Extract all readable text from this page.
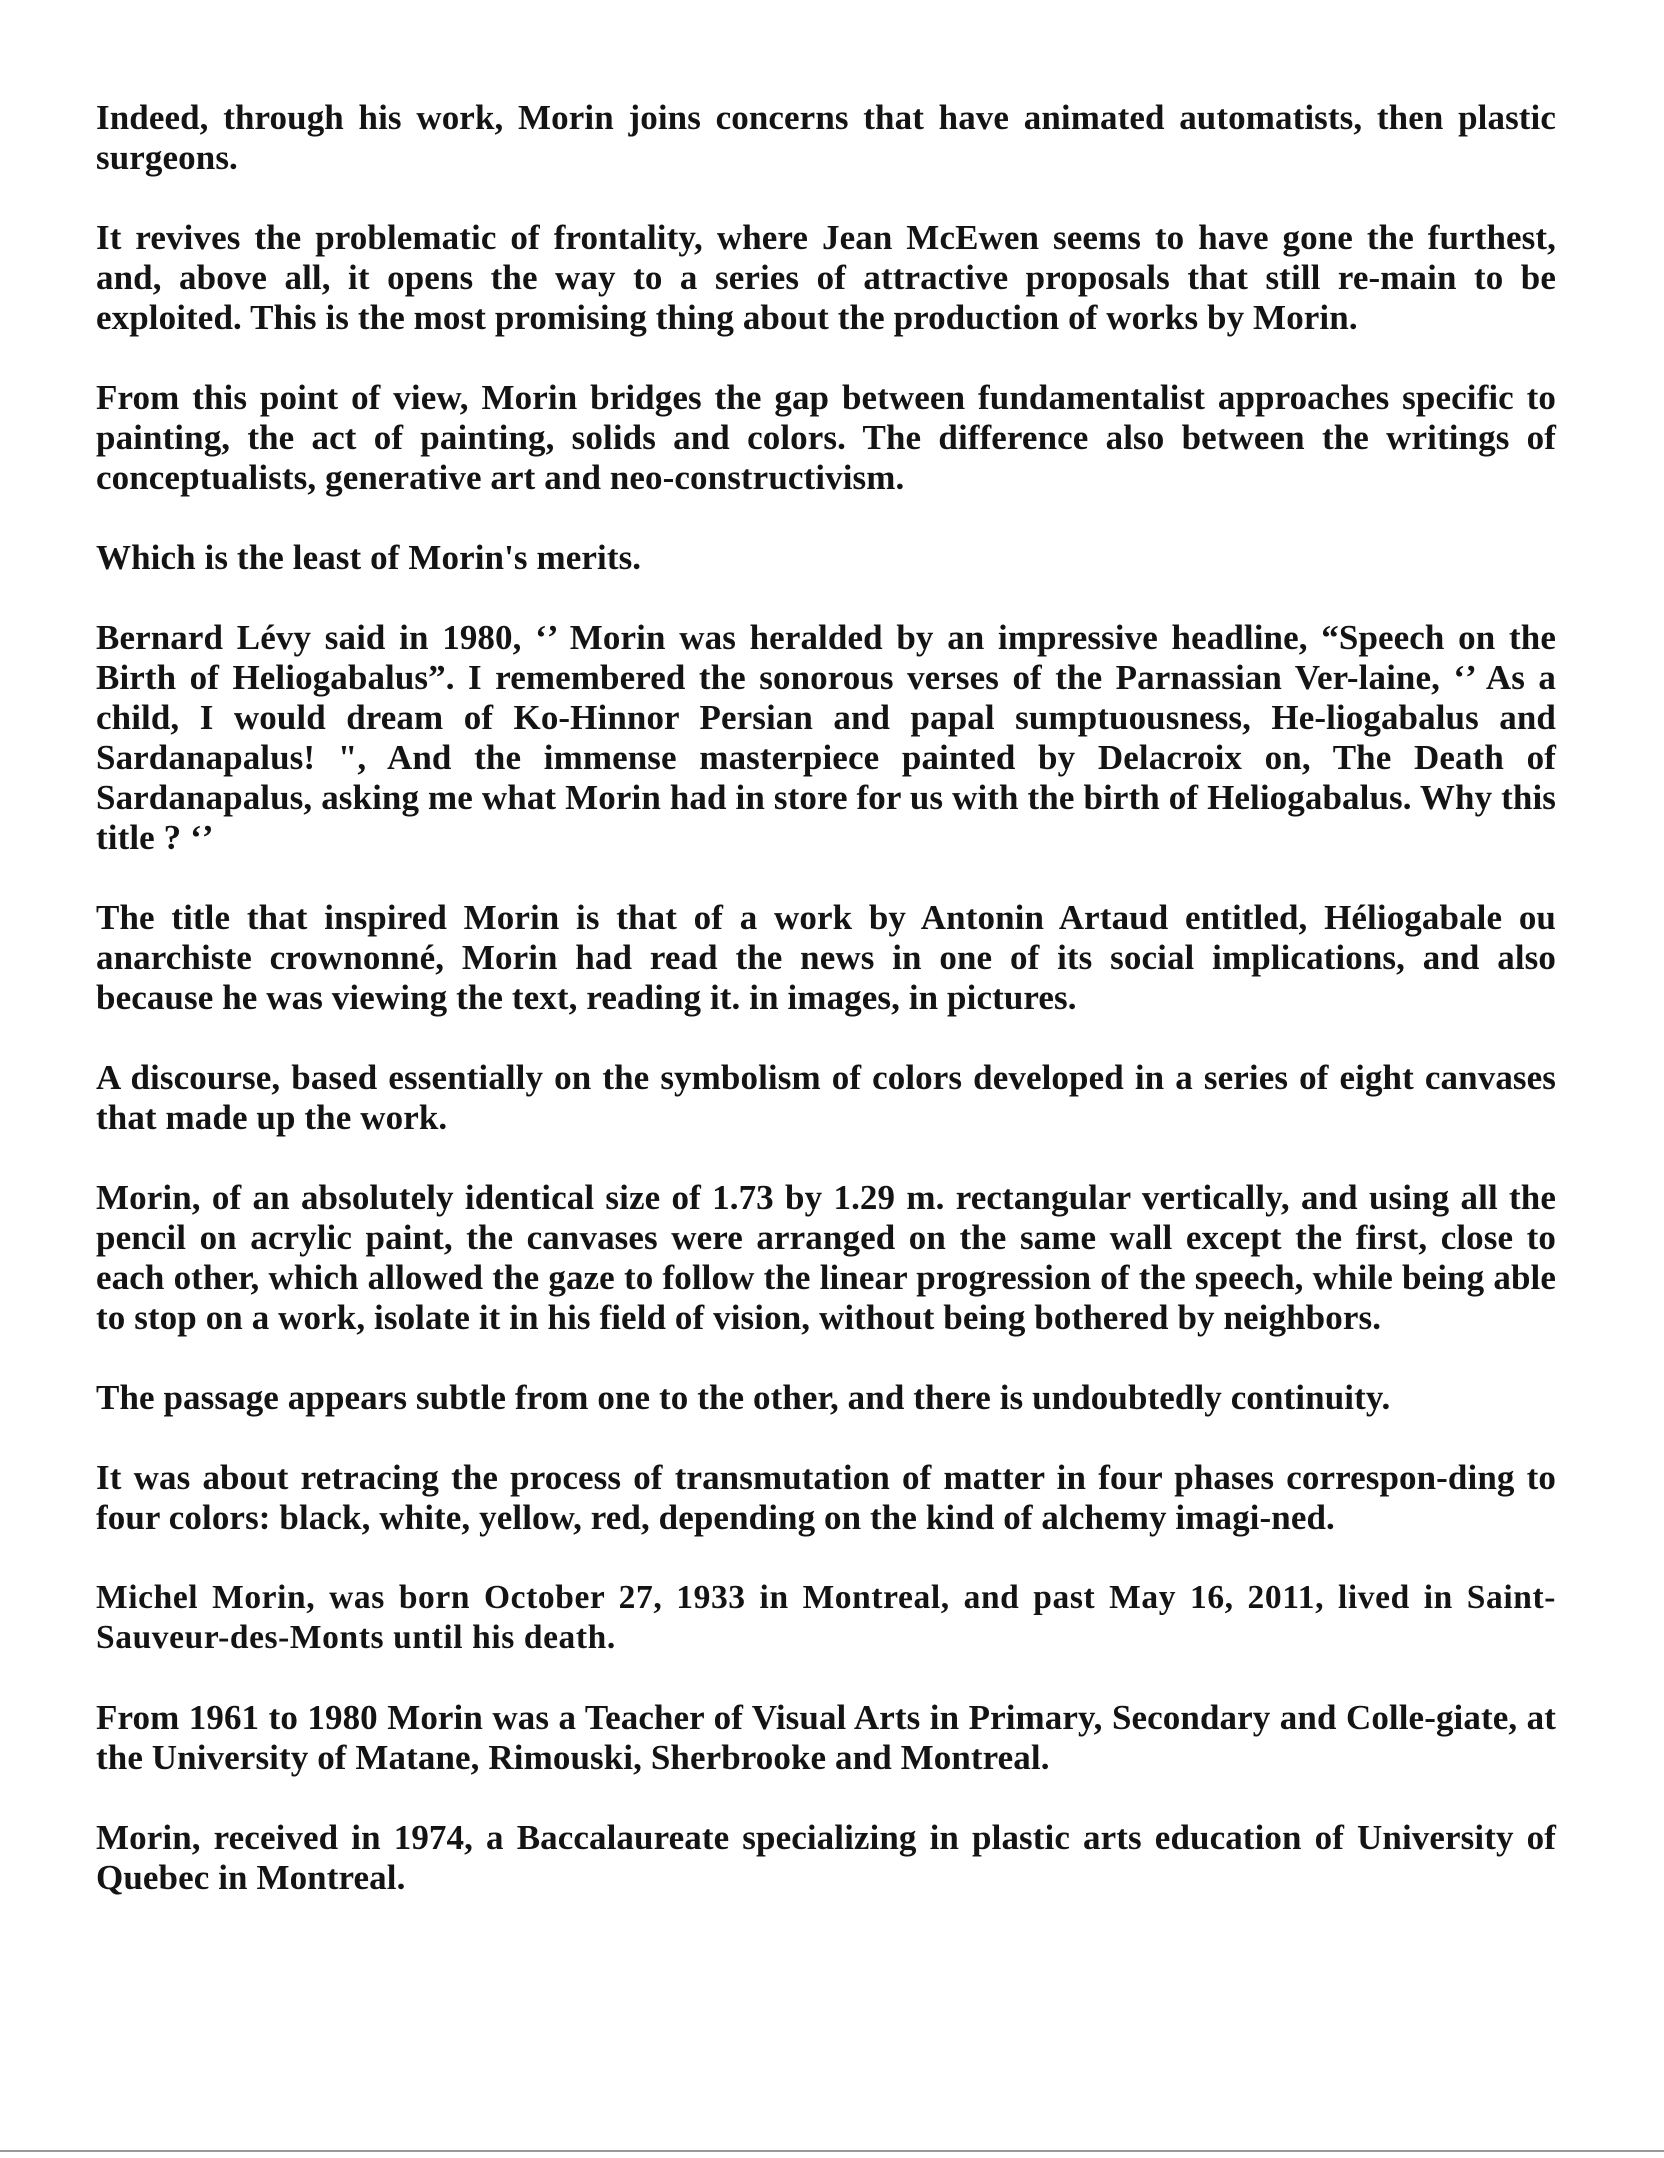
Indeed, through his work, Morin joins concerns that have animated automatists, then plastic surgeons.

It revives the problematic of frontality, where Jean McEwen seems to have gone the furthest, and, above all, it opens the way to a series of attractive proposals that still re-main to be exploited. This is the most promising thing about the production of works by Morin.

From this point of view, Morin bridges the gap between fundamentalist approaches specific to painting, the act of painting, solids and colors. The difference also between the writings of conceptualists, generative art and neo-constructivism.

Which is the least of Morin's merits.

Bernard Lévy said in 1980, ‘’ Morin was heralded by an impressive headline, “Speech on the Birth of Heliogabalus”. I remembered the sonorous verses of the Parnassian Ver-laine, ‘’ As a child, I would dream of Ko-Hinnor Persian and papal sumptuousness, He-liogabalus and Sardanapalus! ", And the immense masterpiece painted by Delacroix on, The Death of Sardanapalus, asking me what Morin had in store for us with the birth of Heliogabalus. Why this title ? ‘’

The title that inspired Morin is that of a work by Antonin Artaud entitled, Héliogabale ou anarchiste crownonné, Morin had read the news in one of its social implications, and also because he was viewing the text, reading it. in images, in pictures.

A discourse, based essentially on the symbolism of colors developed in a series of eight canvases that made up the work.

Morin, of an absolutely identical size of 1.73 by 1.29 m. rectangular vertically, and using all the pencil on acrylic paint, the canvases were arranged on the same wall except the first, close to each other, which allowed the gaze to follow the linear progression of the speech, while being able to stop on a work, isolate it in his field of vision, without being bothered by neighbors.

The passage appears subtle from one to the other, and there is undoubtedly continuity.

It was about retracing the process of transmutation of matter in four phases correspon-ding to four colors: black, white, yellow, red, depending on the kind of alchemy imagi-ned.

Michel Morin, was born October 27, 1933 in Montreal, and past May 16, 2011, lived in Saint-Sauveur-des-Monts until his death.

From 1961 to 1980 Morin was a Teacher of Visual Arts in Primary, Secondary and Colle-giate, at the University of Matane, Rimouski, Sherbrooke and Montreal.

Morin, received in 1974, a Baccalaureate specializing in plastic arts education of University of Quebec in Montreal.
